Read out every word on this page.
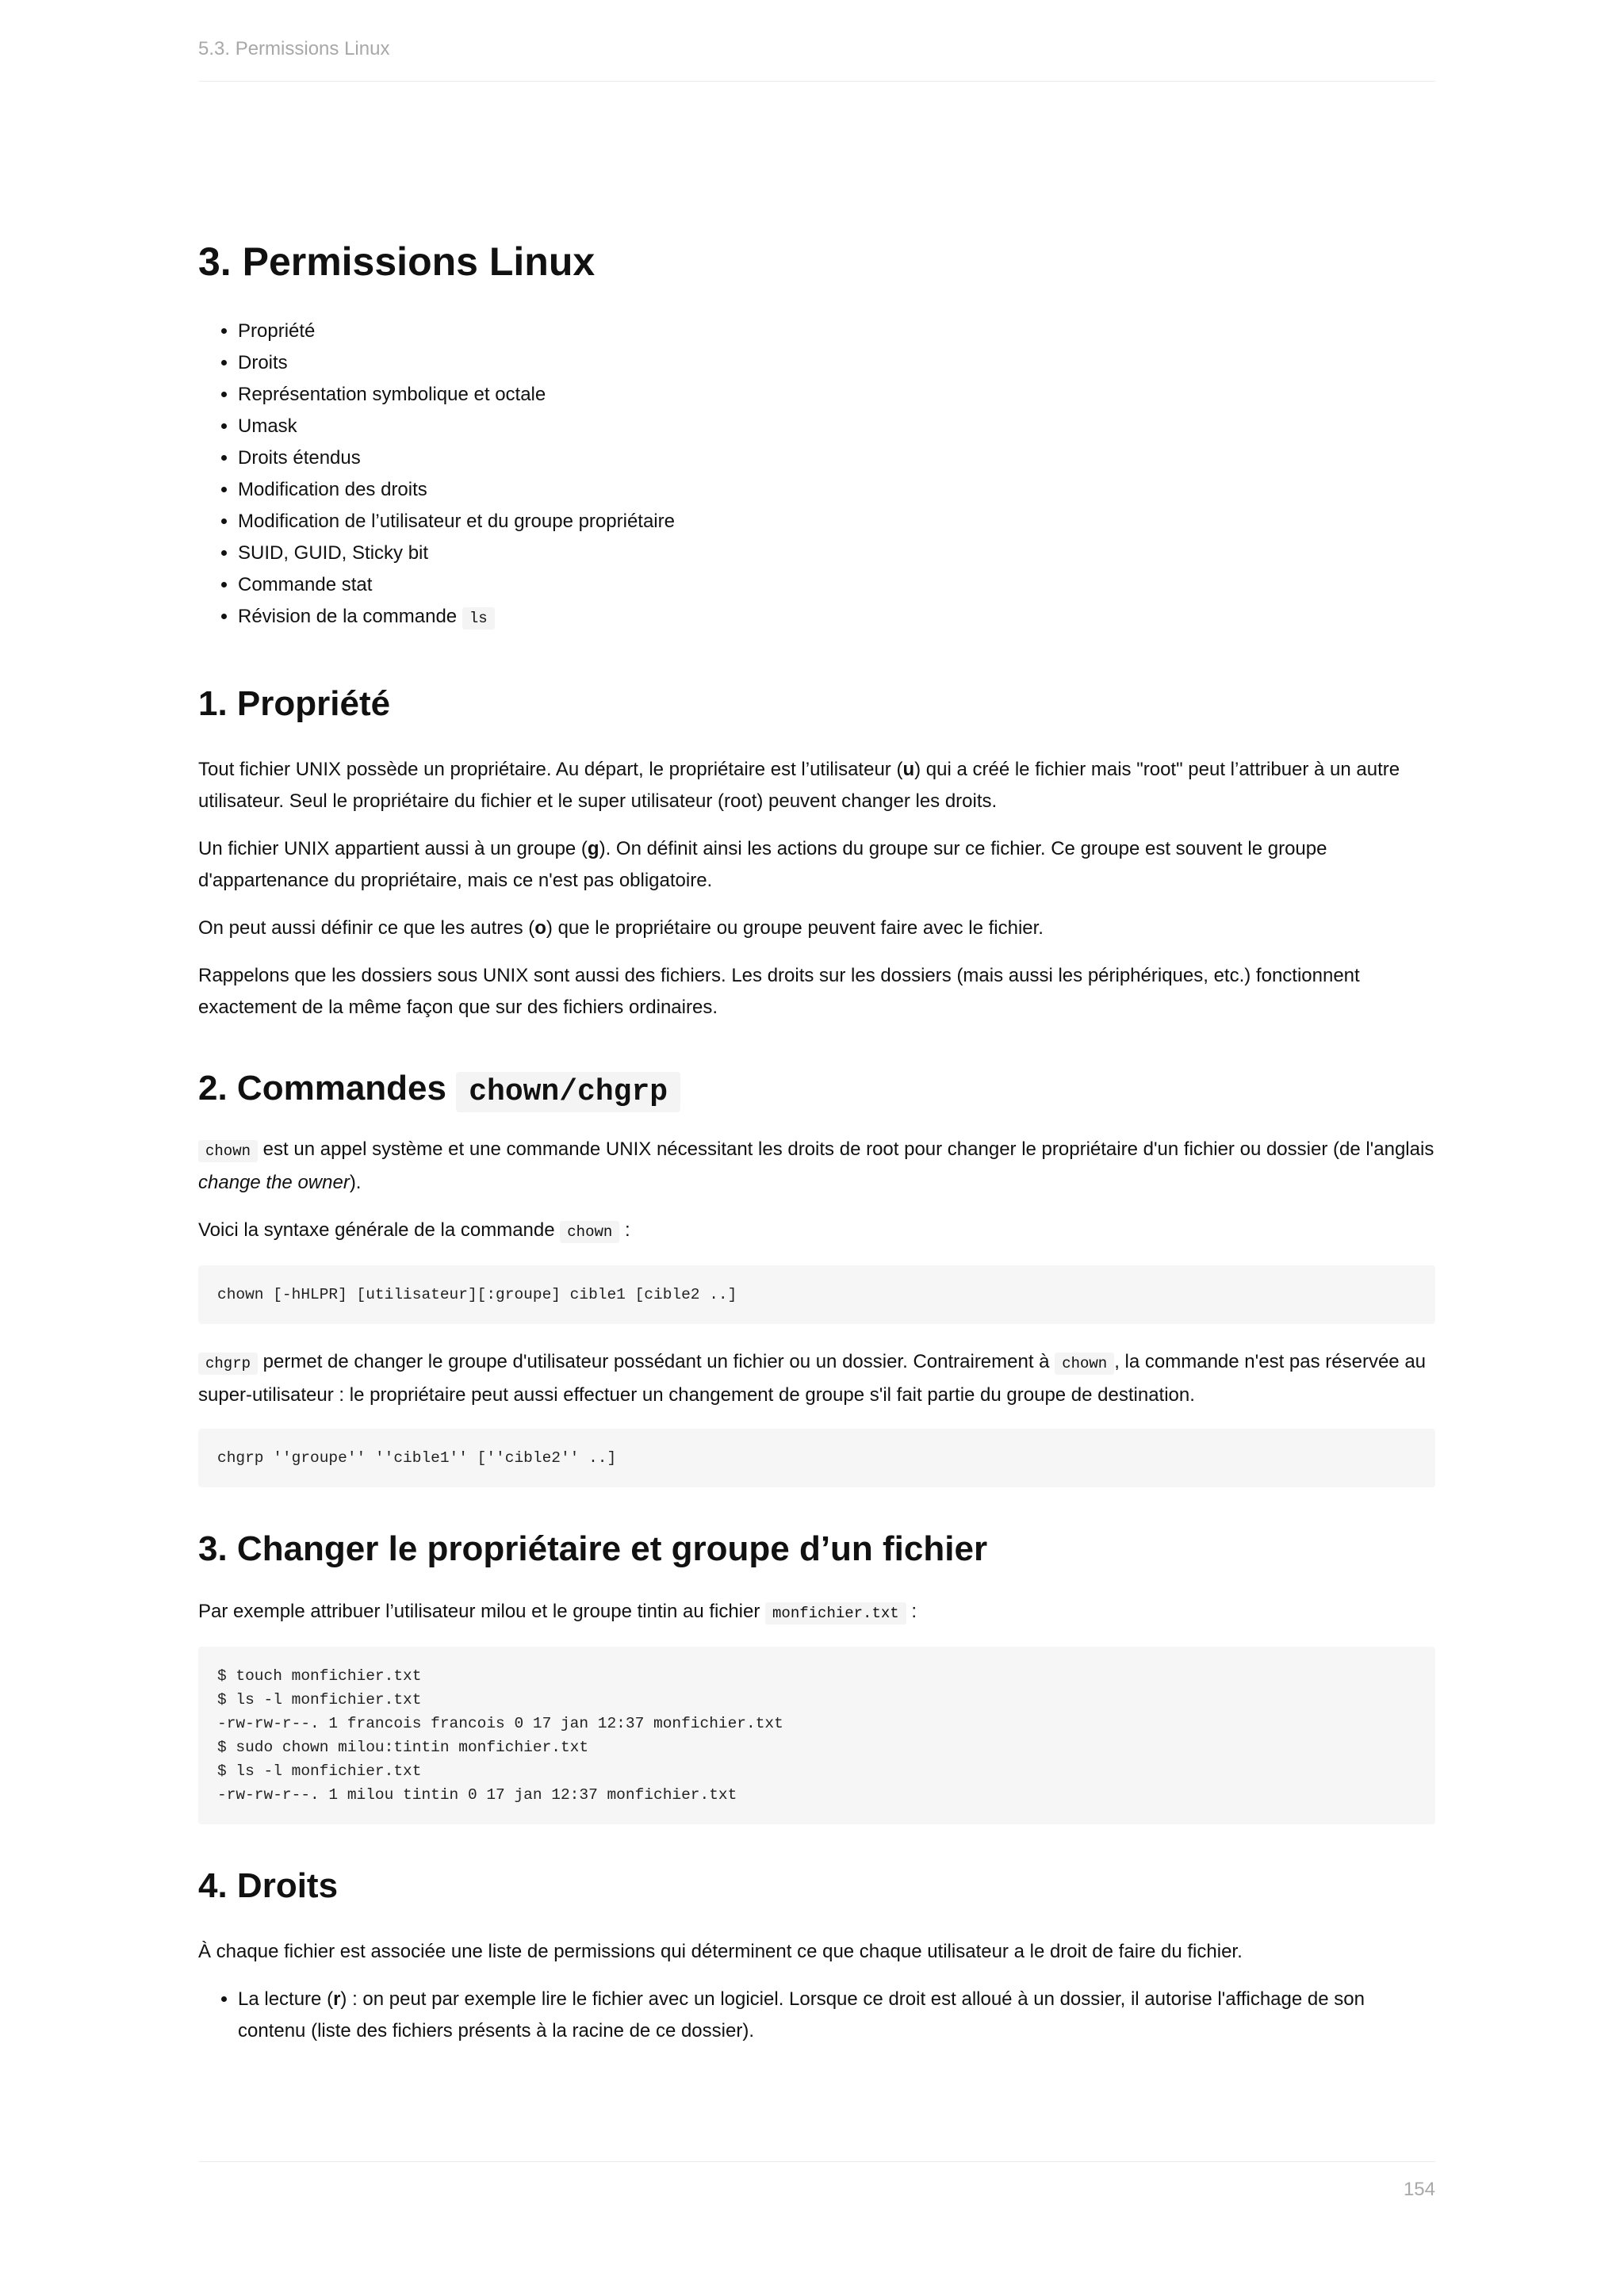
5.3. Permissions Linux
3. Permissions Linux
• Propriété
• Droits
• Représentation symbolique et octale
• Umask
• Droits étendus
• Modification des droits
• Modification de l’utilisateur et du groupe propriétaire
• SUID, GUID, Sticky bit
• Commande stat
• Révision de la commande ls
1. Propriété

Tout fichier UNIX possède un propriétaire. Au départ, le propriétaire est l’utilisateur (u) qui a créé le fichier mais "root" peut l’attribuer à un autre utilisateur. Seul le propriétaire du fichier et le super utilisateur (root) peuvent changer les droits.

Un fichier UNIX appartient aussi à un groupe (g). On définit ainsi les actions du groupe sur ce fichier. Ce groupe est souvent le groupe d'appartenance du propriétaire, mais ce n'est pas obligatoire.

On peut aussi définir ce que les autres (o) que le propriétaire ou groupe peuvent faire avec le fichier.

Rappelons que les dossiers sous UNIX sont aussi des fichiers. Les droits sur les dossiers (mais aussi les périphériques, etc.) fonctionnent exactement de la même façon que sur des fichiers ordinaires.

2. Commandes chown/chgrp

chown est un appel système et une commande UNIX nécessitant les droits de root pour changer le propriétaire d'un fichier ou dossier (de l'anglais change the owner).

Voici la syntaxe générale de la commande chown :

chown [-hHLPR] [utilisateur][:groupe] cible1 [cible2 ..]

chgrp permet de changer le groupe d'utilisateur possédant un fichier ou un dossier. Contrairement à chown , la commande n'est pas réservée au super-utilisateur : le propriétaire peut aussi effectuer un changement de groupe s'il fait partie du groupe de destination.

chgrp ''groupe'' ''cible1'' [''cible2'' ..]
3. Changer le propriétaire et groupe d’un fichier

Par exemple attribuer l’utilisateur milou et le groupe tintin au fichier monfichier.txt :

$ touch monfichier.txt
$ ls -l monfichier.txt
-rw-rw-r--. 1 francois francois 0 17 jan 12:37 monfichier.txt
$ sudo chown milou:tintin monfichier.txt
$ ls -l monfichier.txt
-rw-rw-r--. 1 milou tintin 0 17 jan 12:37 monfichier.txt
4. Droits

À chaque fichier est associée une liste de permissions qui déterminent ce que chaque utilisateur a le droit de faire du fichier.

• La lecture (r) : on peut par exemple lire le fichier avec un logiciel. Lorsque ce droit est alloué à un dossier, il autorise l'affichage de son contenu (liste des fichiers présents à la racine de ce dossier).
154
